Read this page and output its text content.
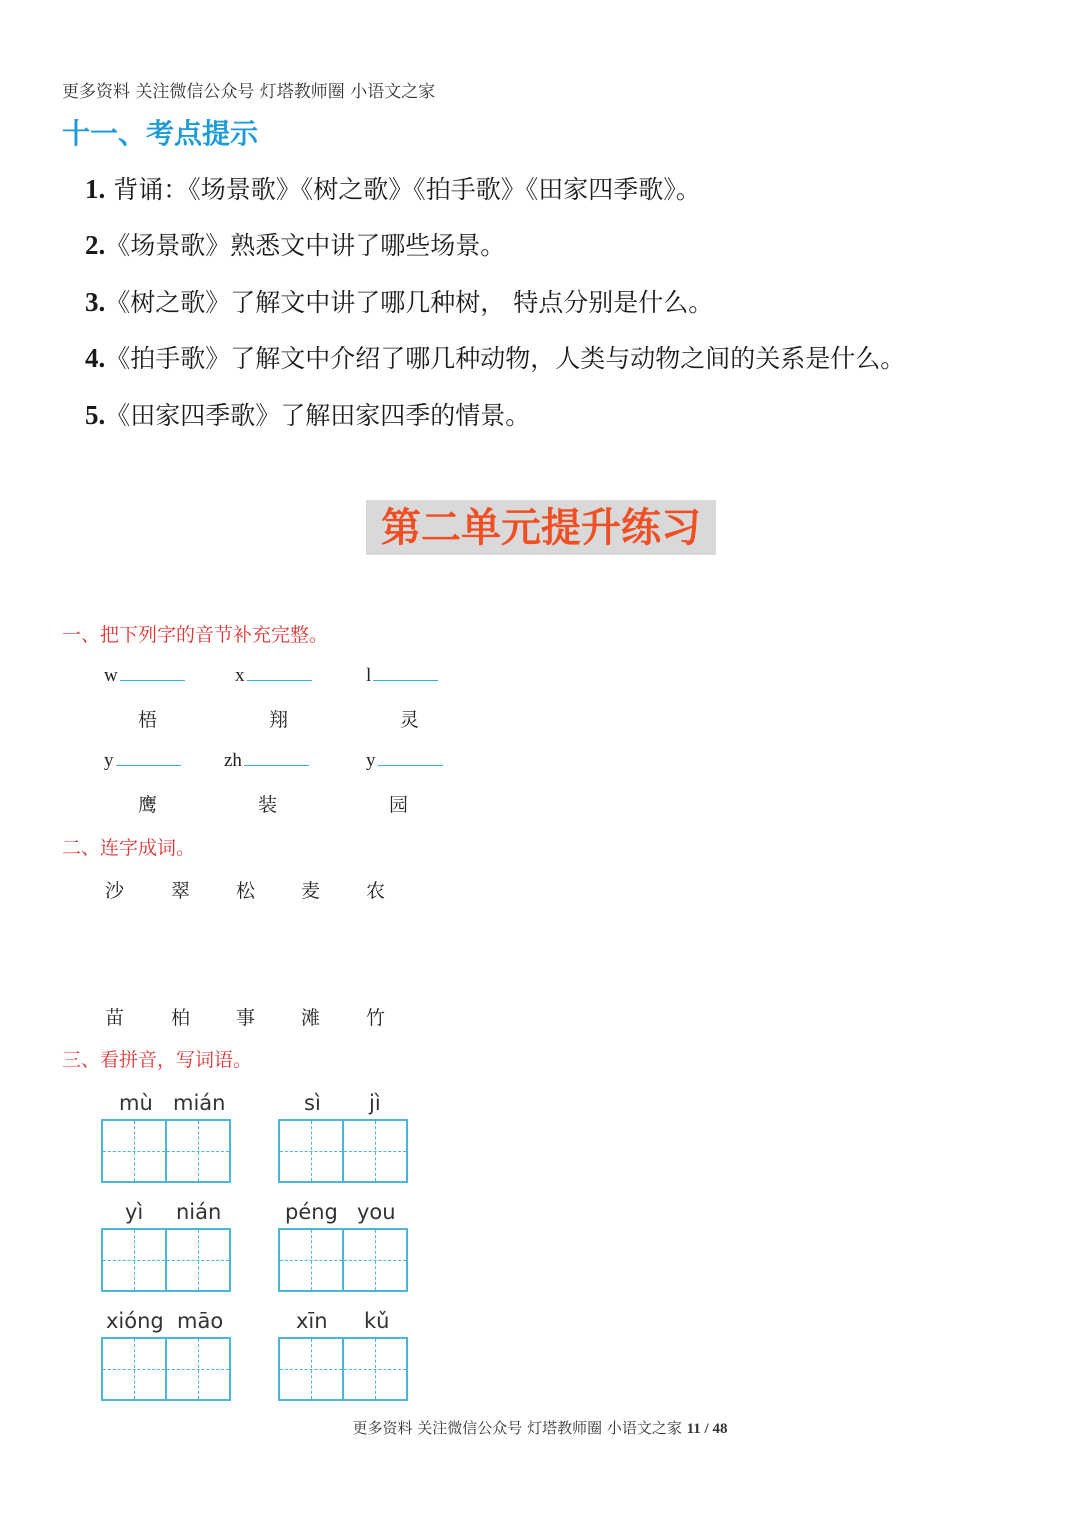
更多资料 关注微信公众号 灯塔教师圈 小语文之家
十一、考点提示
1. 背诵：《场景歌》《树之歌》《拍手歌》《田家四季歌》。
2.《场景歌》熟悉文中讲了哪些场景。
3.《树之歌》了解文中讲了哪几种树， 特点分别是什么。
4.《拍手歌》了解文中介绍了哪几种动物，人类与动物之间的关系是什么。
5.《田家四季歌》了解田家四季的情景。
第二单元提升练习
一、把下列字的音节补充完整。
w	x	l
梧	翔	灵
y	zh	y
鹰	装	园
二、连字成词。
沙 翠 松 麦 农
苗 柏 事 滩 竹
三、看拼音，写词语。
mù mián	sì jì
yì nián	péng you
xióng māo	xīn kǔ
更多资料 关注微信公众号 灯塔教师圈 小语文之家 11 / 48
